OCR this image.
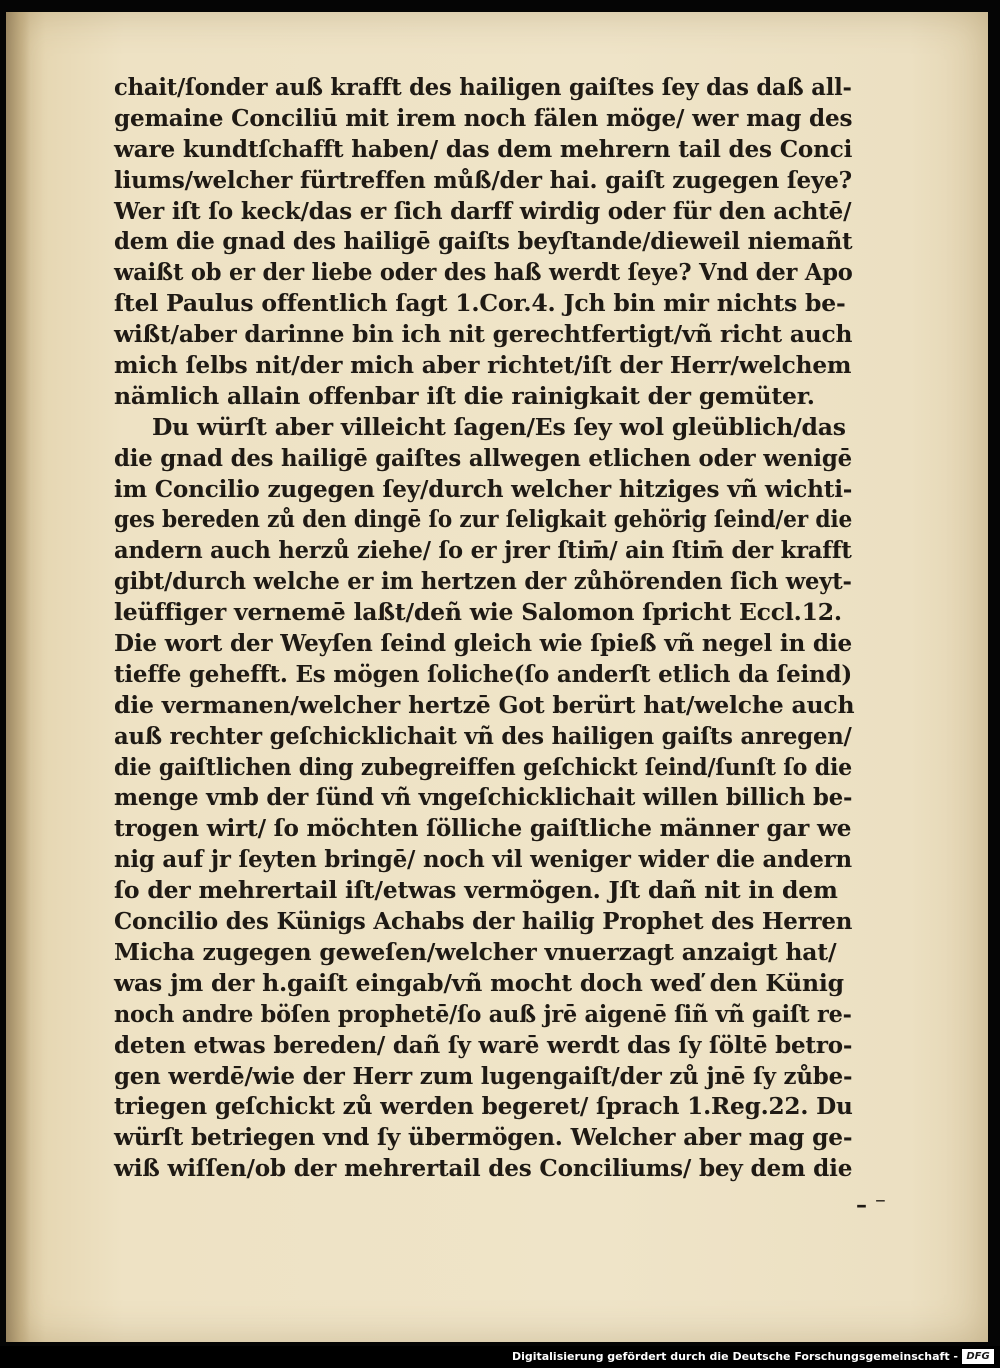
chait/ſonder auß krafft des hailigen gaiſtes ſey das daß all-
gemaine Conciliū mit irem noch fälen möge/ wer mag des
ware kundtſchafft haben/ das dem mehrern tail des Conci
liums/welcher fürtreffen můß/der hai. gaiſt zugegen ſeye?
Wer iſt ſo keck/das er ſich darff wirdig oder für den achtē/
dem die gnad des hailigē gaiſts beyſtande/dieweil niemañt
waißt ob er der liebe oder des haß werdt ſeye? Vnd der Apo
ſtel Paulus offentlich ſagt 1.Cor.4. Jch bin mir nichts be-
wißt/aber darinne bin ich nit gerechtfertigt/vñ richt auch
mich ſelbs nit/der mich aber richtet/iſt der Herr/welchem
nämlich allain offenbar iſt die rainigkait der gemüter.
Du würſt aber villeicht ſagen/Es ſey wol gleüblich/das
die gnad des hailigē gaiſtes allwegen etlichen oder wenigē
im Concilio zugegen ſey/durch welcher hitziges vñ wichti-
ges bereden zů den dingē ſo zur ſeligkait gehörig ſeind/er die
andern auch herzů ziehe/ ſo er jrer ſtim̄/ ain ſtim̄ der krafft
gibt/durch welche er im hertzen der zůhörenden ſich weyt-
leüffiger vernemē laßt/deñ wie Salomon ſpricht Eccl.12.
Die wort der Weyſen ſeind gleich wie ſpieß vñ negel in die
tieffe gehefft. Es mögen ſoliche(ſo anderſt etlich da ſeind)
die vermanen/welcher hertzē Got berürt hat/welche auch
auß rechter geſchicklichait vñ des hailigen gaiſts anregen/
die gaiſtlichen ding zubegreiffen geſchickt ſeind/ſunſt ſo die
menge vmb der ſünd vñ vngeſchicklichait willen billich be-
trogen wirt/ ſo möchten ſölliche gaiſtliche männer gar we
nig auf jr ſeyten bringē/ noch vil weniger wider die andern
ſo der mehrertail iſt/etwas vermögen. Jſt dañ nit in dem
Concilio des Künigs Achabs der hailig Prophet des Herren
Micha zugegen geweſen/welcher vnuerzagt anzaigt hat/
was jm der h.gaiſt eingab/vñ mocht doch weď den Künig
noch andre böſen prophetē/ſo auß jrē aigenē ſiñ vñ gaiſt re-
deten etwas bereden/ dañ ſy warē werdt das ſy ſöltē betro-
gen werdē/wie der Herr zum lugengaiſt/der zů jnē ſy zůbe-
triegen geſchickt zů werden begeret/ ſprach 1.Reg.22. Du
würſt betriegen vnd ſy übermögen. Welcher aber mag ge-
wiß wiſſen/ob der mehrertail des Conciliums/ bey dem die
– ⁻
Digitalisierung gefördert durch die Deutsche Forschungsgemeinschaft - DFG
